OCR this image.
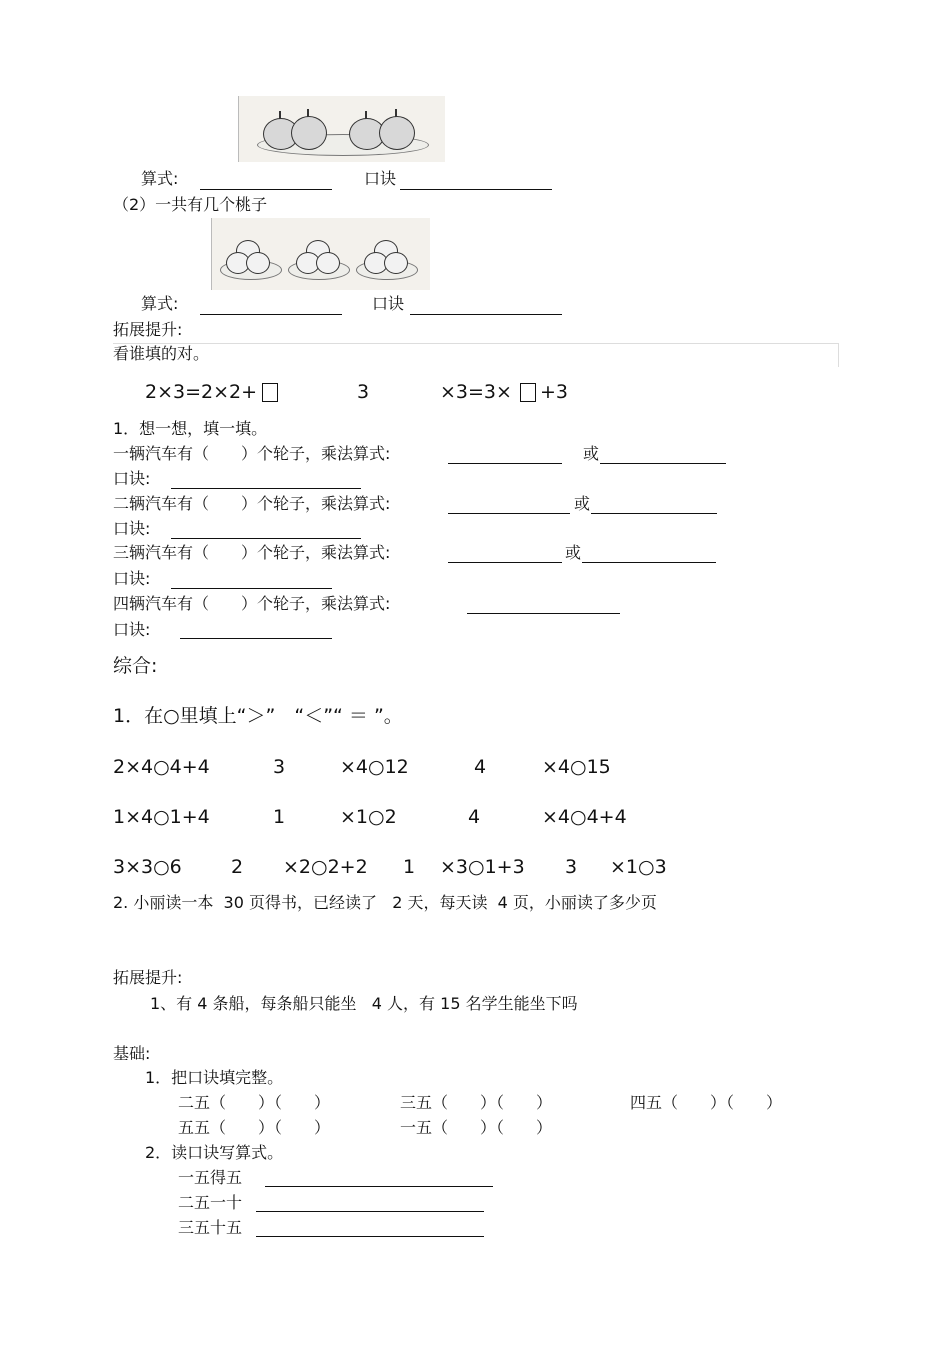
算式:	口诀
（2）一共有几个桃子
算式:	口诀
拓展提升:
看谁填的对。
2×3=2×2+	3	×3=3× +3
1．想一想，填一填。
一辆汽车有（　　）个轮子，乘法算式:	或
口诀:
二辆汽车有（　　）个轮子，乘法算式:	或
口诀:
三辆汽车有（　　）个轮子，乘法算式:	或
口诀:
四辆汽车有（　　）个轮子，乘法算式:
口诀:
综合:
1．在○里填上“＞”　“＜”“ ＝ ”。
2×4○4+4	3	×4○12	4	×4○15
1×4○1+4	1	×1○2	4	×4○4+4
3×3○6	2 ×2○2+2 1 ×3○1+3 3 ×1○3
2. 小丽读一本  30 页得书，已经读了   2 天，每天读  4 页，小丽读了多少页
拓展提升:
1、有 4 条船，每条船只能坐   4 人，有 15 名学生能坐下吗
基础:
1．把口诀填完整。
二五（　　）（　　）	三五（　　）（　　）	四五（　　）（　　）
五五（　　）（　　）	一五（　　）（　　）
2．读口诀写算式。
一五得五
二五一十
三五十五
